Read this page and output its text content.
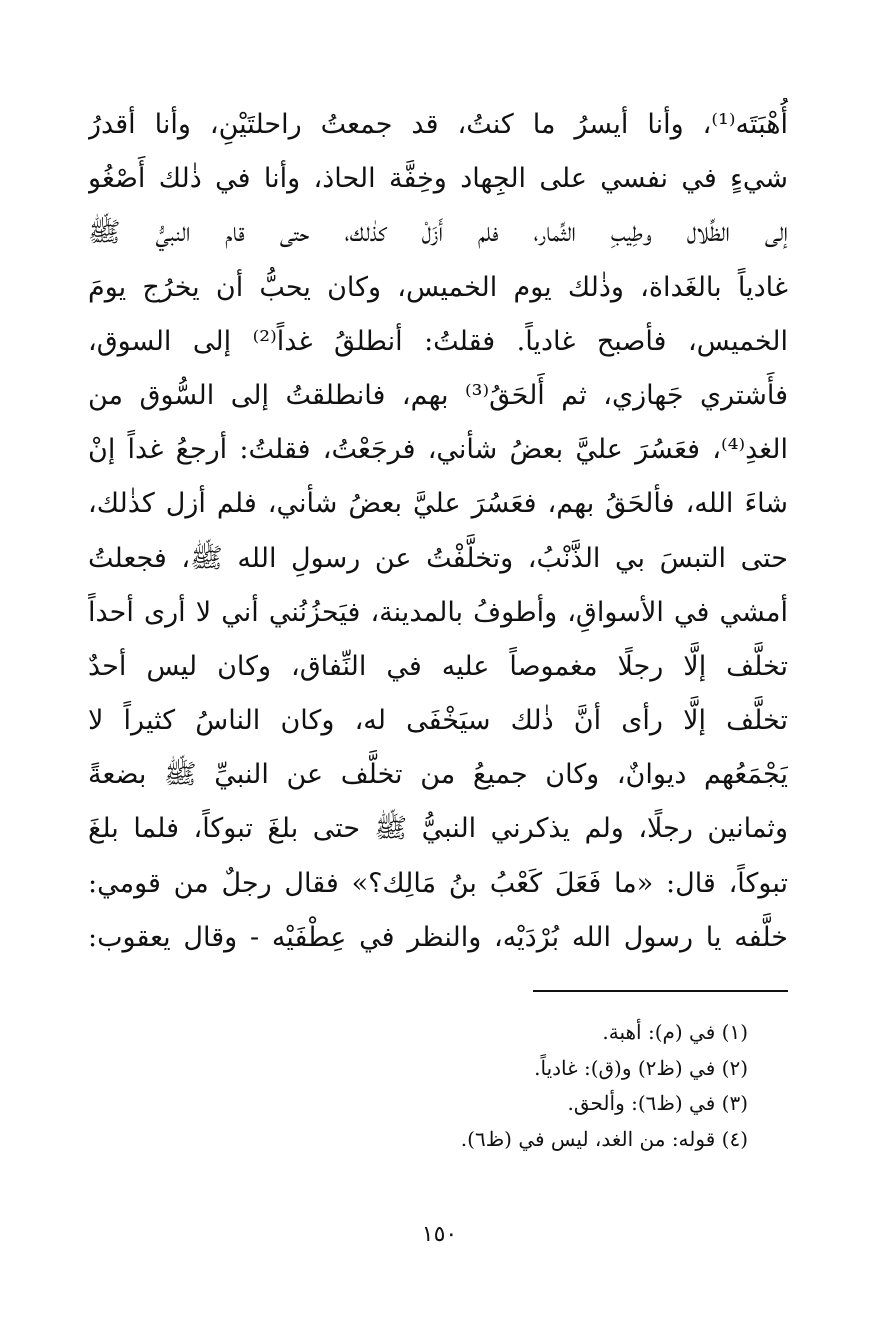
أُهْبَتَه⁽¹⁾، وأنا أيسرُ ما كنتُ، قد جمعتُ راحلتَيْنِ، وأنا أقدرُ
شيءٍ في نفسي على الجِهاد وخِفَّة الحاذ، وأنا في ذٰلك أَصْغُو
إلى الظِّلال وطِيبِ الثِّمار، فلم أَزَلْ كذٰلك، حتى قام النبيُّ ﷺ
غادياً بالغَداة، وذٰلك يوم الخميس، وكان يحبُّ أن يخرُج يومَ
الخميس، فأصبح غادياً. فقلتُ: أنطلقُ غداً⁽²⁾ إلى السوق،
فأَشتري جَهازي، ثم أَلحَقُ⁽³⁾ بهم، فانطلقتُ إلى السُّوق من
الغدِ⁽⁴⁾، فعَسُرَ عليَّ بعضُ شأني، فرجَعْتُ، فقلتُ: أرجعُ غداً إنْ
شاءَ الله، فألحَقُ بهم، فعَسُرَ عليَّ بعضُ شأني، فلم أزل كذٰلك،
حتى التبسَ بي الذَّنْبُ، وتخلَّفْتُ عن رسولِ الله ﷺ، فجعلتُ
أمشي في الأسواقِ، وأطوفُ بالمدينة، فيَحزُنُني أني لا أرى أحداً
تخلَّف إلَّا رجلًا مغموصاً عليه في النِّفاق، وكان ليس أحدٌ
تخلَّف إلَّا رأى أنَّ ذٰلك سيَخْفَى له، وكان الناسُ كثيراً لا
يَجْمَعُهم ديوانٌ، وكان جميعُ من تخلَّف عن النبيِّ ﷺ بضعةً
وثمانين رجلًا، ولم يذكرني النبيُّ ﷺ حتى بلغَ تبوكاً، فلما بلغَ
تبوكاً، قال: «ما فَعَلَ كَعْبُ بنُ مَالِك؟» فقال رجلٌ من قومي:
خلَّفه يا رسول الله بُرْدَيْه، والنظر في عِطْفَيْه - وقال يعقوب:
(١) في (م): أهبة.
(٢) في (ظ٢) و(ق): غادياً.
(٣) في (ظ٦): وألحق.
(٤) قوله: من الغد، ليس في (ظ٦).
١٥٠
